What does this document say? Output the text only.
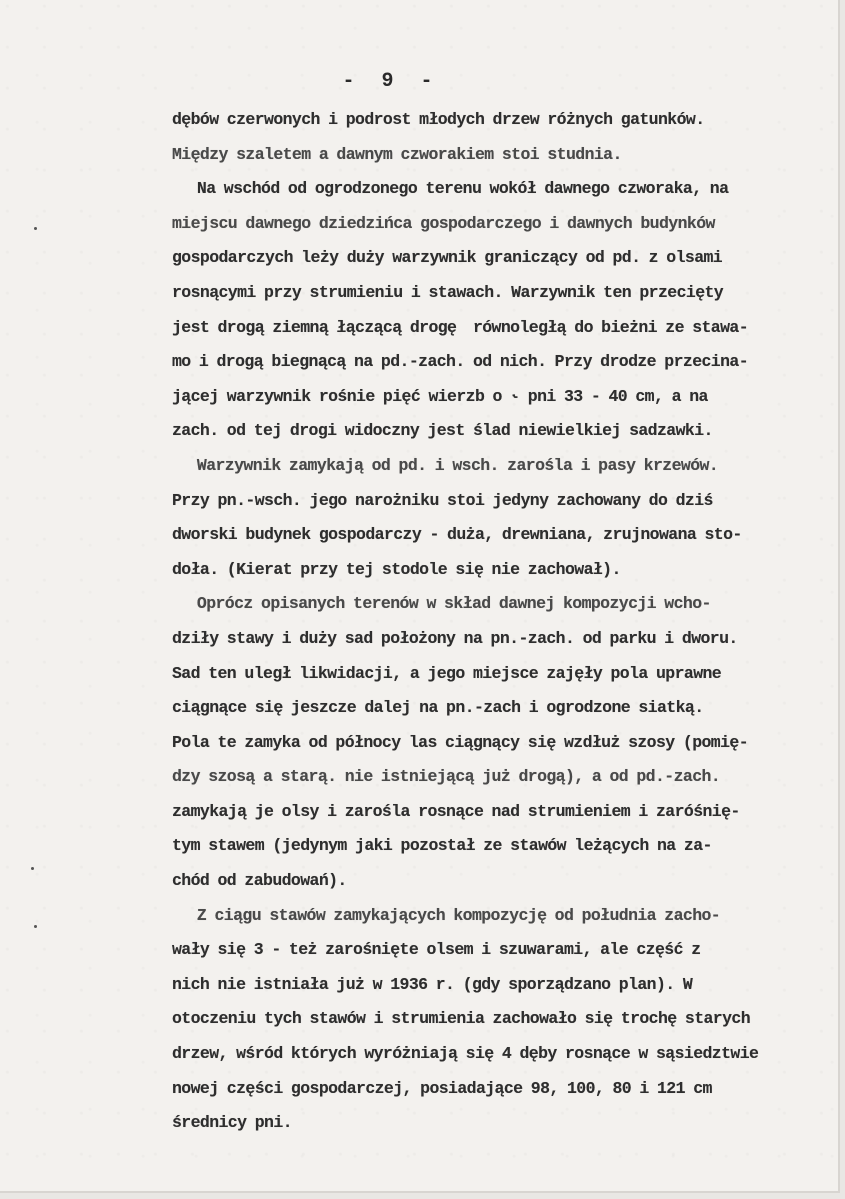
-  9  -
dębów czerwonych i podrost młodych drzew różnych gatunków.
Między szaletem a dawnym czworakiem stoi studnia.
Na wschód od ogrodzonego terenu wokół dawnego czworaka, na
miejscu dawnego dziedzińca gospodarczego i dawnych budynków
gospodarczych leży duży warzywnik graniczący od pd. z olsami
rosnącymi przy strumieniu i stawach. Warzywnik ten przecięty
jest drogą ziemną łączącą drogę  równoległą do bieżni ze stawa-
mo i drogą biegnącą na pd.-zach. od nich. Przy drodze przecina-
jącej warzywnik rośnie pięć wierzb o ˞ pni 33 - 40 cm, a na
zach. od tej drogi widoczny jest ślad niewielkiej sadzawki.
Warzywnik zamykają od pd. i wsch. zarośla i pasy krzewów.
Przy pn.-wsch. jego narożniku stoi jedyny zachowany do dziś
dworski budynek gospodarczy - duża, drewniana, zrujnowana sto-
doła. (Kierat przy tej stodole się nie zachował).
Oprócz opisanych terenów w skład dawnej kompozycji wcho-
dziły stawy i duży sad położony na pn.-zach. od parku i dworu.
Sad ten uległ likwidacji, a jego miejsce zajęły pola uprawne
ciągnące się jeszcze dalej na pn.-zach i ogrodzone siatką.
Pola te zamyka od północy las ciągnący się wzdłuż szosy (pomię-
dzy szosą a starą. nie istniejącą już drogą), a od pd.-zach.
zamykają je olsy i zarośla rosnące nad strumieniem i zaróśnię-
tym stawem (jedynym jaki pozostał ze stawów leżących na za-
chód od zabudowań).
Z ciągu stawów zamykających kompozycję od południa zacho-
wały się 3 - też zarośnięte olsem i szuwarami, ale część z
nich nie istniała już w 1936 r. (gdy sporządzano plan). W
otoczeniu tych stawów i strumienia zachowało się trochę starych
drzew, wśród których wyróżniają się 4 dęby rosnące w sąsiedztwie
nowej części gospodarczej, posiadające 98, 100, 80 i 121 cm
średnicy pni.
